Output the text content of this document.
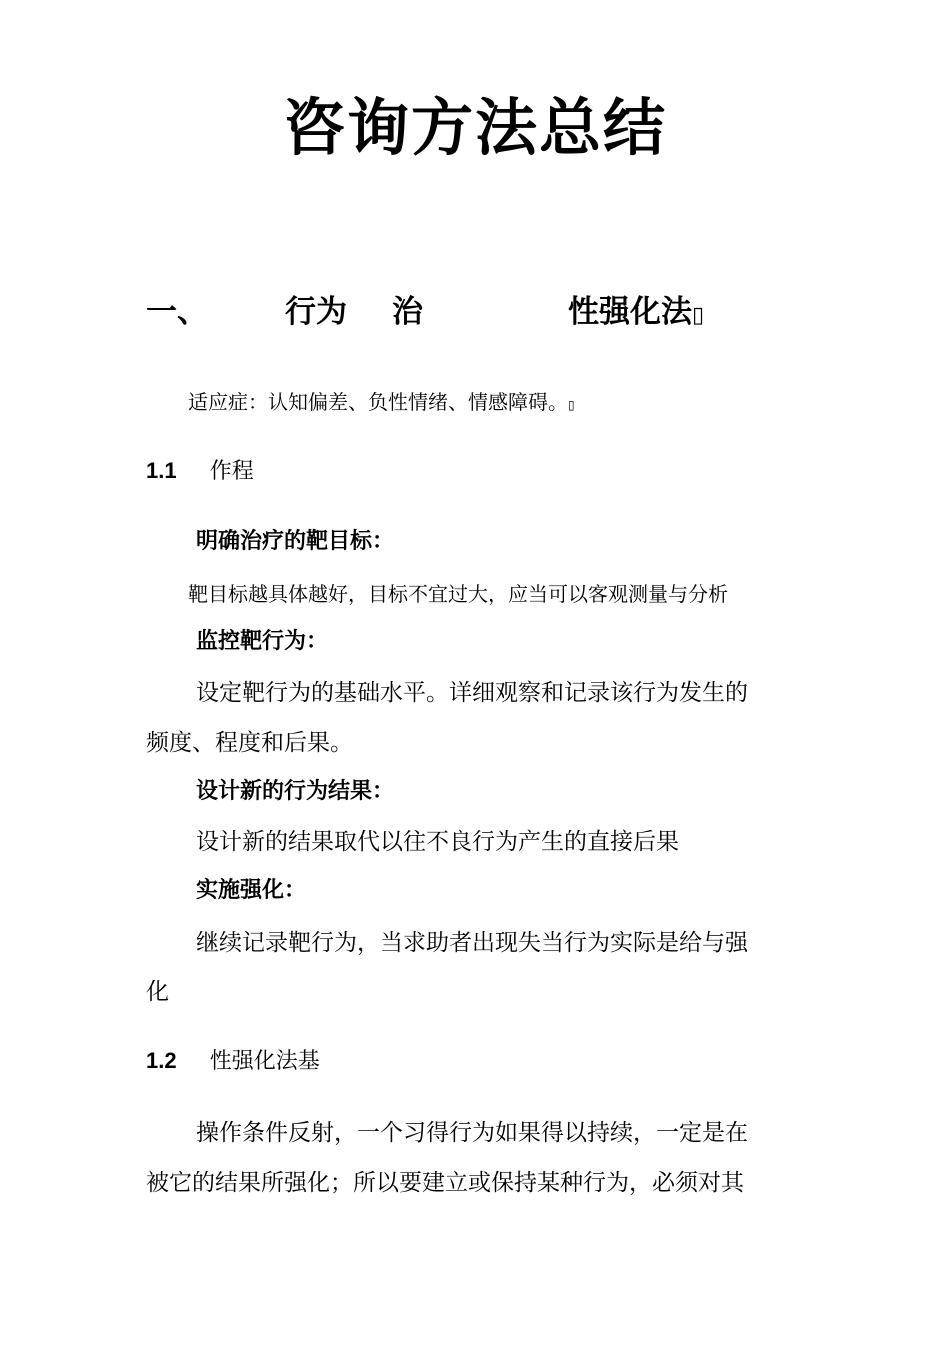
咨询方法总结
一、 行为 治	性强化法▯
适应症：认知偏差、负性情绪、情感障碍。▯
1.1 作程
明确治疗的靶目标：
靶目标越具体越好，目标不宜过大，应当可以客观测量与分析
监控靶行为：
设定靶行为的基础水平。详细观察和记录该行为发生的
频度、程度和后果。
设计新的行为结果：
设计新的结果取代以往不良行为产生的直接后果
实施强化：
继续记录靶行为，当求助者出现失当行为实际是给与强
化
1.2 性强化法基
操作条件反射，一个习得行为如果得以持续，一定是在
被它的结果所强化；所以要建立或保持某种行为，必须对其
